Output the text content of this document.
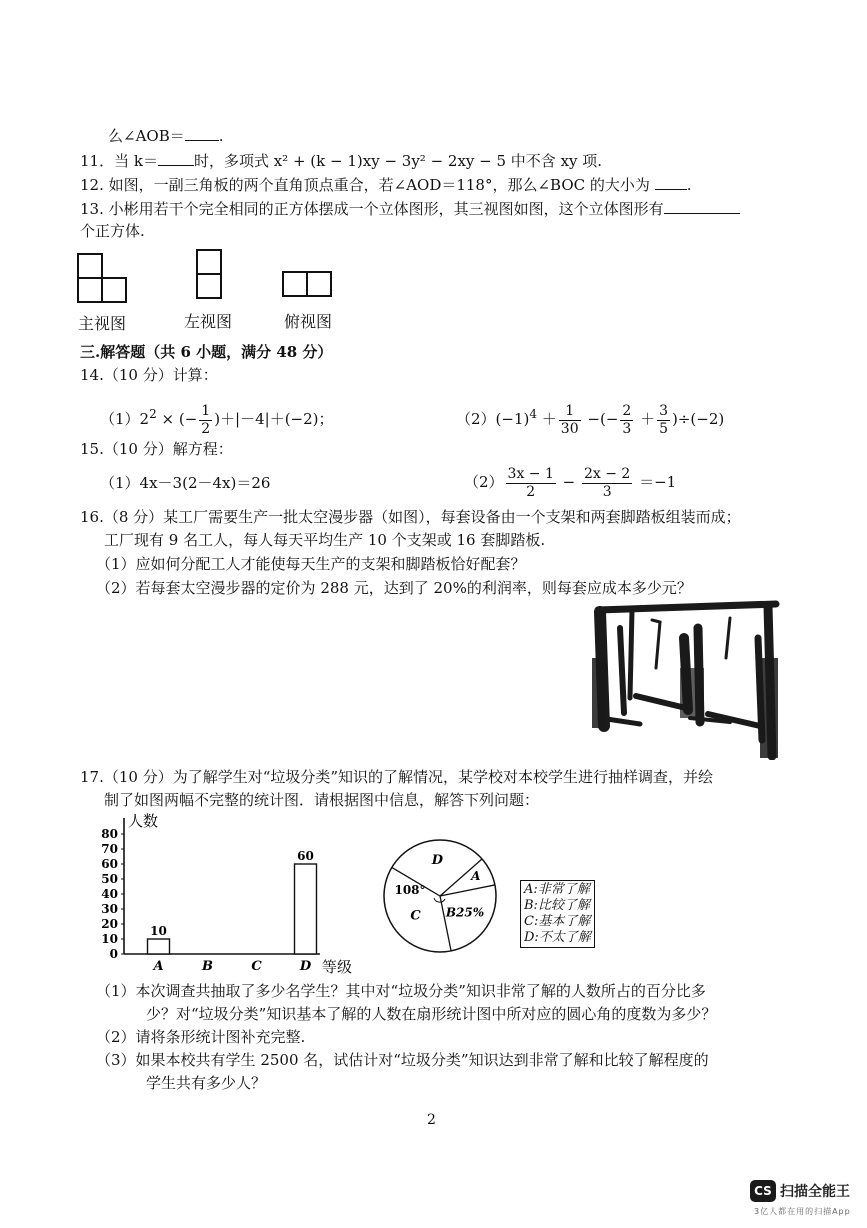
么∠AOB＝ .
11．当 k＝ 时，多项式 x² + (k − 1)xy − 3y² − 2xy − 5 中不含 xy 项.
12. 如图，一副三角板的两个直角顶点重合，若∠AOD＝118°，那么∠BOC 的大小为 .
13. 小彬用若干个完全相同的正方体摆成一个立体图形，其三视图如图，这个立体图形有
个正方体.
主视图	左视图	俯视图
三.解答题（共 6 小题，满分 48 分）
14.（10 分）计算：
$(1)2^2$ × (− $\frac{1}{2} )+|-4|+(-2)$；	$(2)(-1)^4 + \frac{1}{30}$ −(− $\frac{2}{3} + \frac{3}{5} )\div(-2)$
15.（10 分）解方程：
（1）4x－3(2－4x)＝26	$(2) \frac{3x - 1}{2} - \frac{2x - 2}{3} =-1$
16.（8 分）某工厂需要生产一批太空漫步器（如图），每套设备由一个支架和两套脚踏板组装而成；
工厂现有 9 名工人，每人每天平均生产 10 个支架或 16 套脚踏板.
（1）应如何分配工人才能使每天生产的支架和脚踏板恰好配套？
（2）若每套太空漫步器的定价为 288 元，达到了 20%的利润率，则每套应成本多少元？
17.（10 分）为了解学生对“垃圾分类”知识的了解情况，某学校对本校学生进行抽样调查，并绘
制了如图两幅不完整的统计图．请根据图中信息，解答下列问题：
0
10
20
30
40
50
60
70
80
10
60
A	B	C	D
人数
等级
D
108°
A
B25%
C
A:非常了解
B:比较了解
C:基本了解
D:不太了解
（1）本次调查共抽取了多少名学生？其中对“垃圾分类”知识非常了解的人数所占的百分比多
少？对“垃圾分类”知识基本了解的人数在扇形统计图中所对应的圆心角的度数为多少？
（2）请将条形统计图补充完整.
（3）如果本校共有学生 2500 名，试估计对“垃圾分类”知识达到非常了解和比较了解程度的
学生共有多少人？
2
CS 扫描全能王
3亿人都在用的扫描App
